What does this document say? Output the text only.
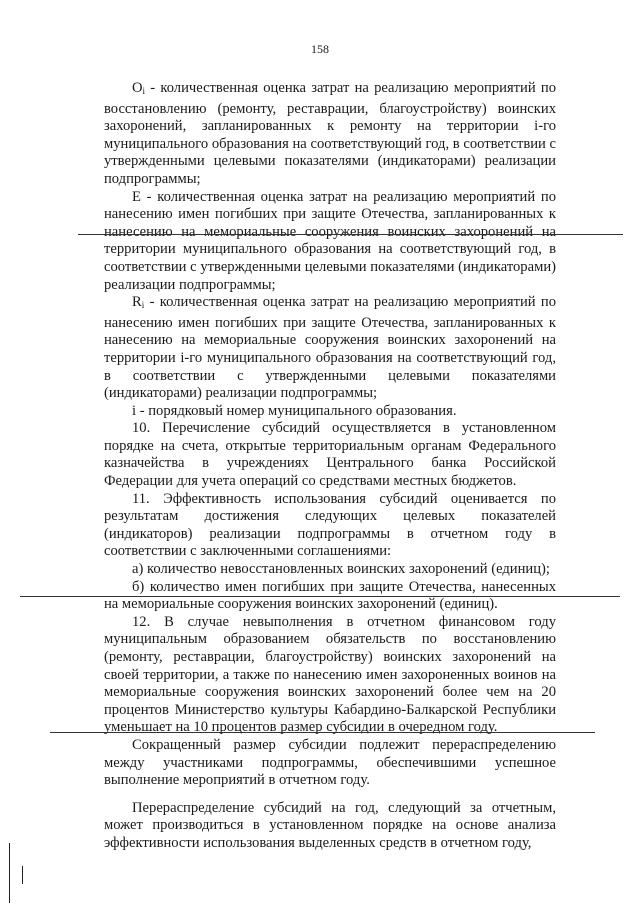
158

$O_i$ - количественная оценка затрат на реализацию мероприятий по восстановлению (ремонту, реставрации, благоустройству) воинских захоронений, запланированных к ремонту на территории i-го муниципального образования на соответствующий год, в соответствии с утвержденными целевыми показателями (индикаторами) реализации подпрограммы;

Е - количественная оценка затрат на реализацию мероприятий по нанесению имен погибших при защите Отечества, запланированных к нанесению на мемориальные сооружения воинских захоронений на территории муниципального образования на соответствующий год, в соответствии с утвержденными целевыми показателями (индикаторами) реализации подпрограммы;

$R_i$ - количественная оценка затрат на реализацию мероприятий по нанесению имен погибших при защите Отечества, запланированных к нанесению на мемориальные сооружения воинских захоронений на территории i-го муниципального образования на соответствующий год, в соответствии с утвержденными целевыми показателями (индикаторами) реализации подпрограммы;

i - порядковый номер муниципального образования.

10. Перечисление субсидий осуществляется в установленном порядке на счета, открытые территориальным органам Федерального казначейства в учреждениях Центрального банка Российской Федерации для учета операций со средствами местных бюджетов.

11. Эффективность использования субсидий оценивается по результатам достижения следующих целевых показателей (индикаторов) реализации подпрограммы в отчетном году в соответствии с заключенными соглашениями:

а) количество невосстановленных воинских захоронений (единиц);

б) количество имен погибших при защите Отечества, нанесенных на мемориальные сооружения воинских захоронений (единиц).

12. В случае невыполнения в отчетном финансовом году муниципальным образованием обязательств по восстановлению (ремонту, реставрации, благоустройству) воинских захоронений на своей территории, а также по нанесению имен захороненных воинов на мемориальные сооружения воинских захоронений более чем на 20 процентов Министерство культуры Кабардино-Балкарской Республики уменьшает на 10 процентов размер субсидии в очередном году.

Сокращенный размер субсидии подлежит перераспределению между участниками подпрограммы, обеспечившими успешное выполнение мероприятий в отчетном году.

Перераспределение субсидий на год, следующий за отчетным, может производиться в установленном порядке на основе анализа эффективности использования выделенных средств в отчетном году,
